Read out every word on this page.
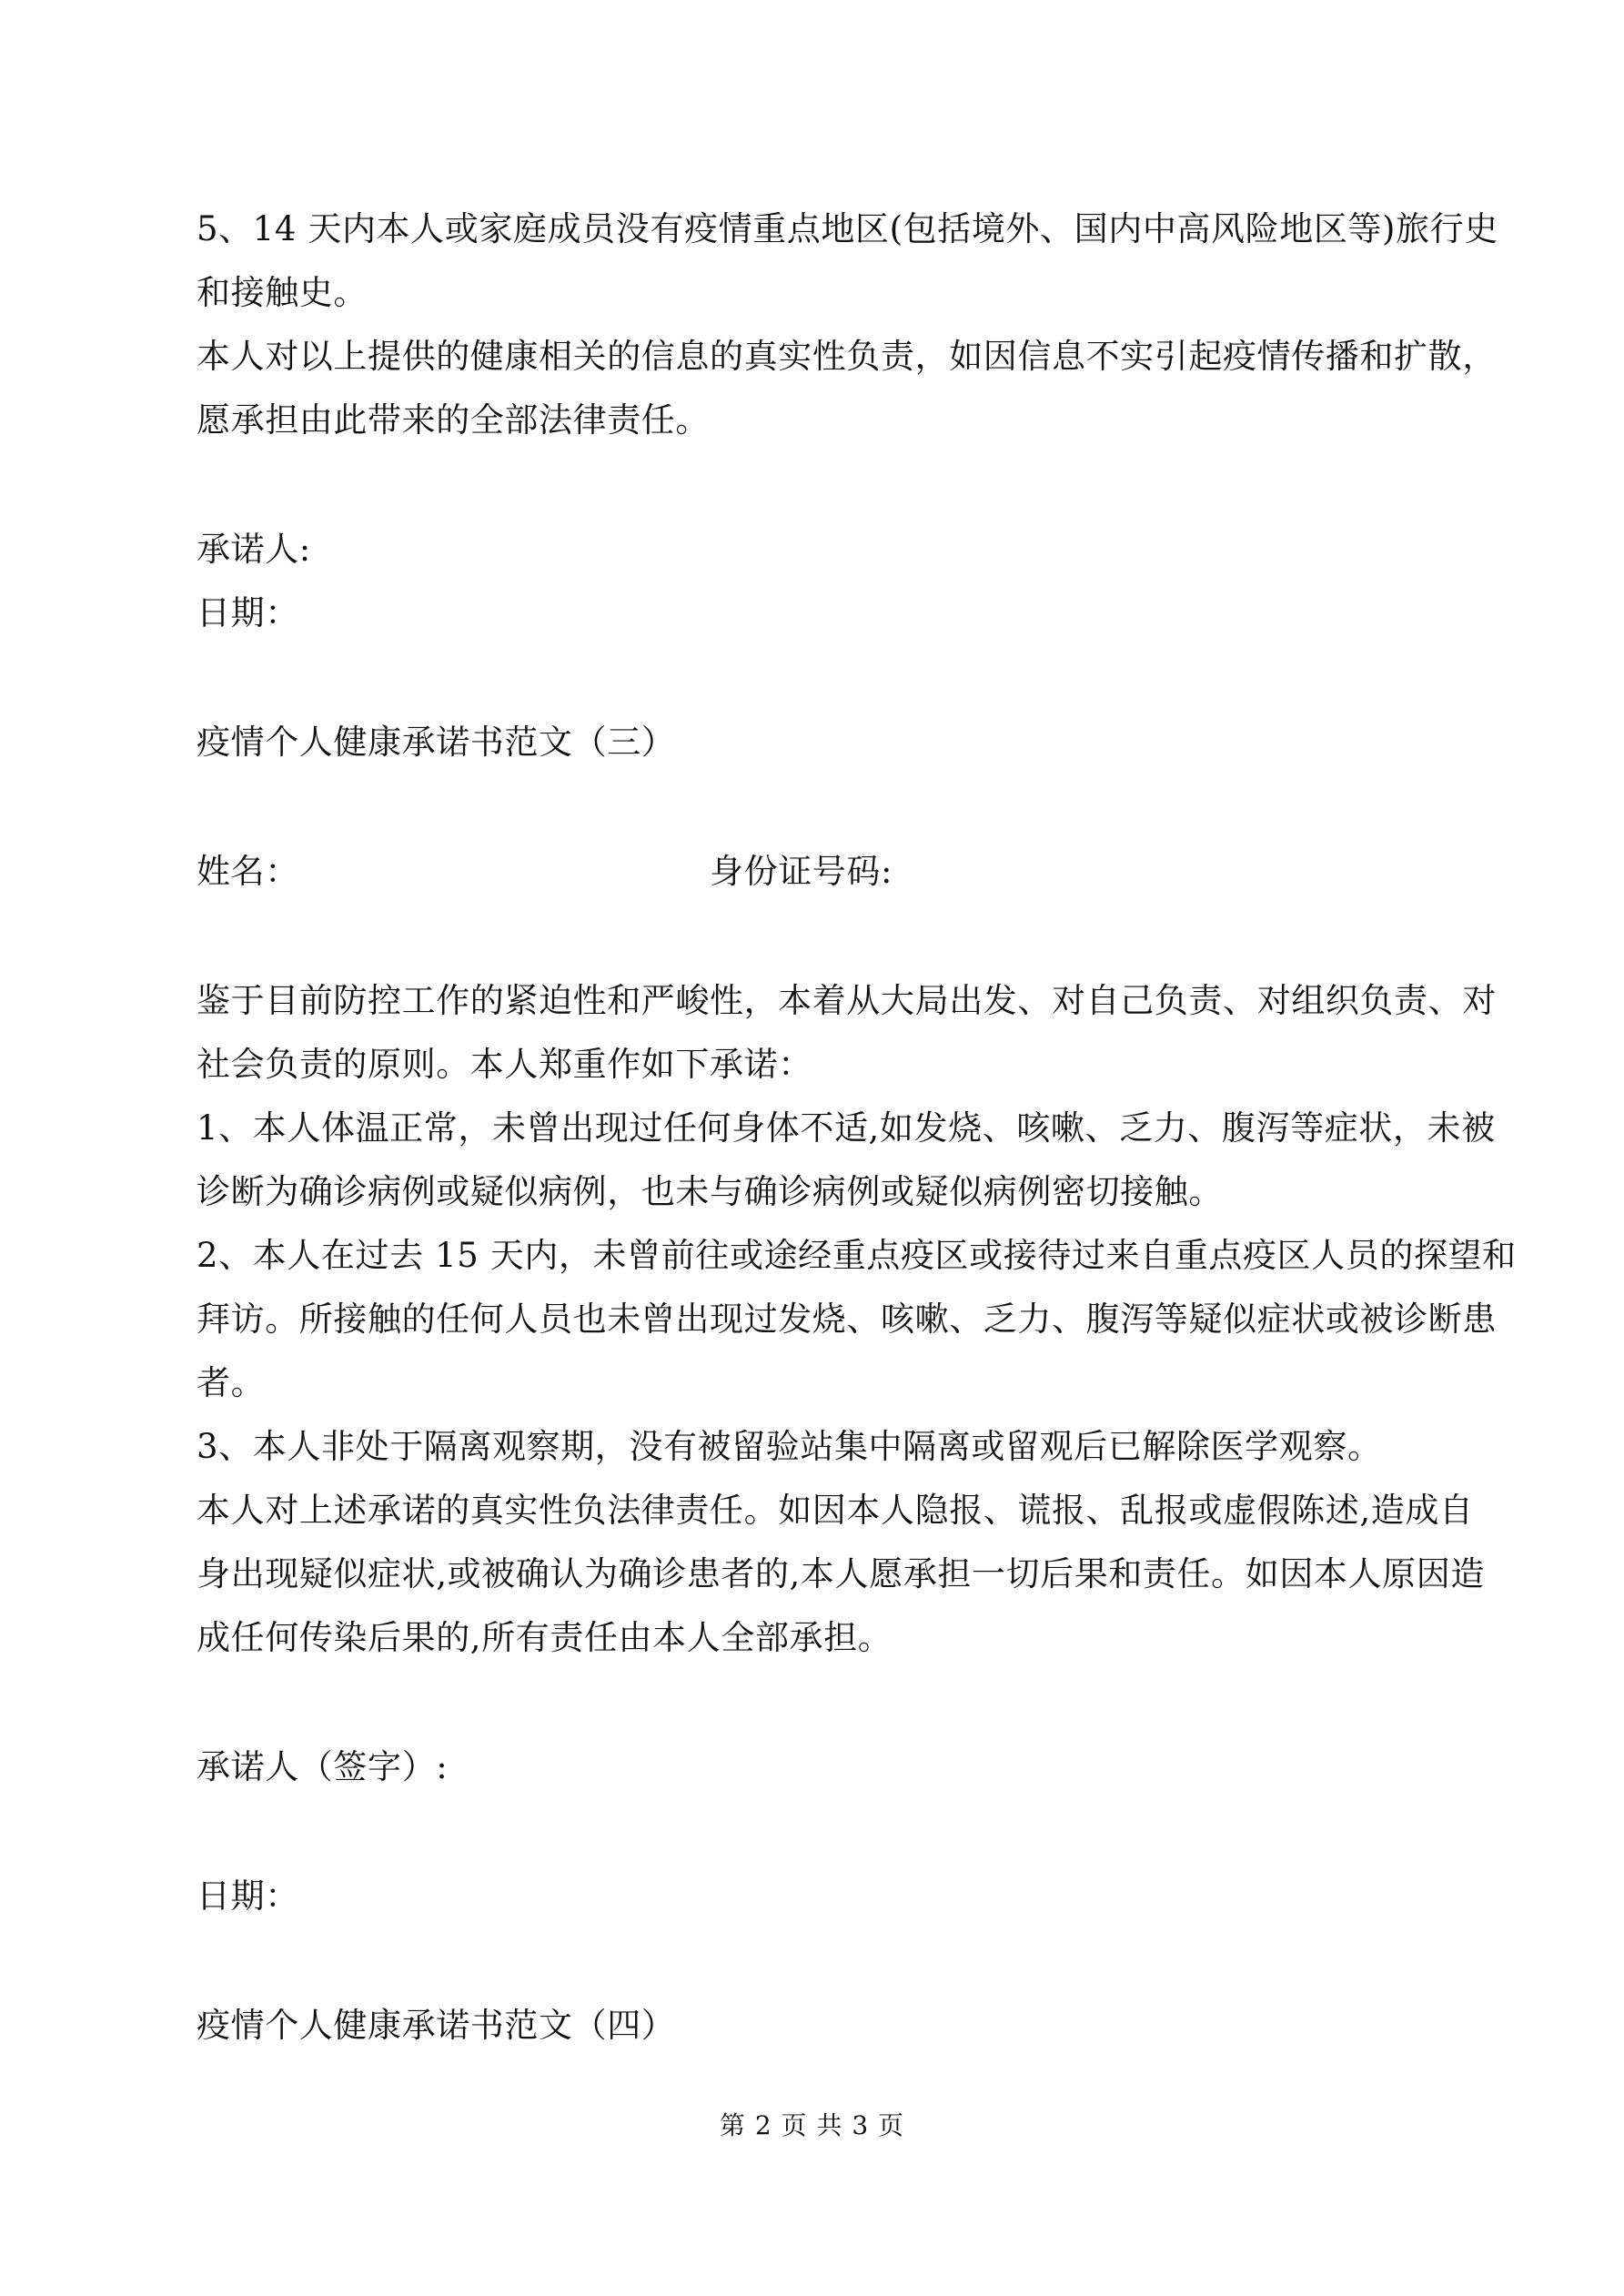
5、14 天内本人或家庭成员没有疫情重点地区(包括境外、国内中高风险地区等)旅行史
和接触史。
本人对以上提供的健康相关的信息的真实性负责，如因信息不实引起疫情传播和扩散，
愿承担由此带来的全部法律责任。
承诺人:
日期：
疫情个人健康承诺书范文（三）
姓名：	身份证号码:
鉴于目前防控工作的紧迫性和严峻性，本着从大局出发、对自己负责、对组织负责、对
社会负责的原则。本人郑重作如下承诺：
1、本人体温正常，未曾出现过任何身体不适,如发烧、咳嗽、乏力、腹泻等症状，未被
诊断为确诊病例或疑似病例，也未与确诊病例或疑似病例密切接触。
2、本人在过去 15 天内，未曾前往或途经重点疫区或接待过来自重点疫区人员的探望和
拜访。所接触的任何人员也未曾出现过发烧、咳嗽、乏力、腹泻等疑似症状或被诊断患
者。
3、本人非处于隔离观察期，没有被留验站集中隔离或留观后已解除医学观察。
本人对上述承诺的真实性负法律责任。如因本人隐报、谎报、乱报或虚假陈述,造成自
身出现疑似症状,或被确认为确诊患者的,本人愿承担一切后果和责任。如因本人原因造
成任何传染后果的,所有责任由本人全部承担。
承诺人（签字）:
日期：
疫情个人健康承诺书范文（四）
第 2 页 共 3 页
